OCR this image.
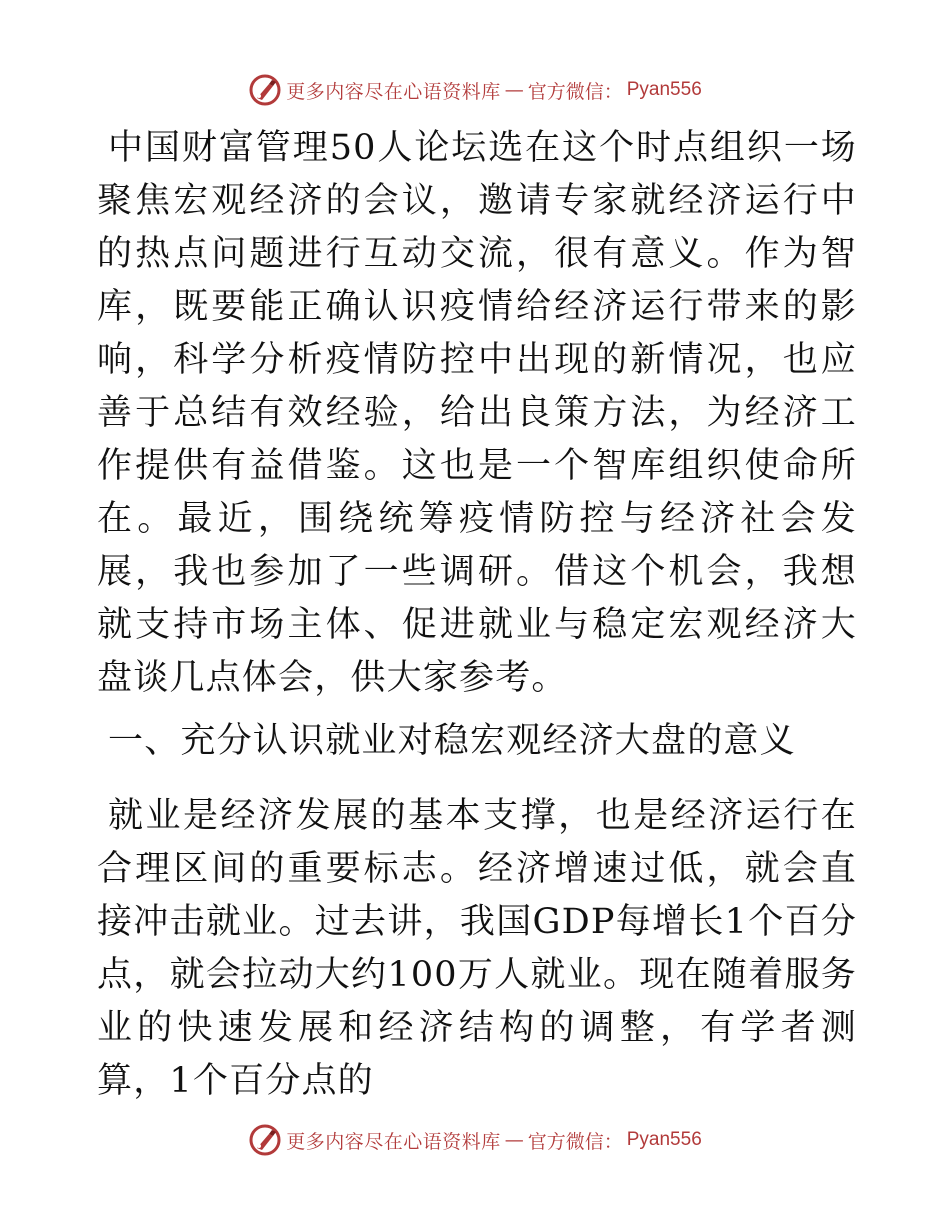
更多内容尽在心语资料库 — 官方微信： Pyan556

中国财富管理50人论坛选在这个时点组织一场聚焦宏观经济的会议，邀请专家就经济运行中的热点问题进行互动交流，很有意义。作为智库，既要能正确认识疫情给经济运行带来的影响，科学分析疫情防控中出现的新情况，也应善于总结有效经验，给出良策方法，为经济工作提供有益借鉴。这也是一个智库组织使命所在。最近，围绕统筹疫情防控与经济社会发展，我也参加了一些调研。借这个机会，我想就支持市场主体、促进就业与稳定宏观经济大盘谈几点体会，供大家参考。

一、充分认识就业对稳宏观经济大盘的意义

就业是经济发展的基本支撑，也是经济运行在合理区间的重要标志。经济增速过低，就会直接冲击就业。过去讲，我国GDP每增长1个百分点，就会拉动大约100万人就业。现在随着服务业的快速发展和经济结构的调整，有学者测算，1个百分点的

更多内容尽在心语资料库 — 官方微信： Pyan556
